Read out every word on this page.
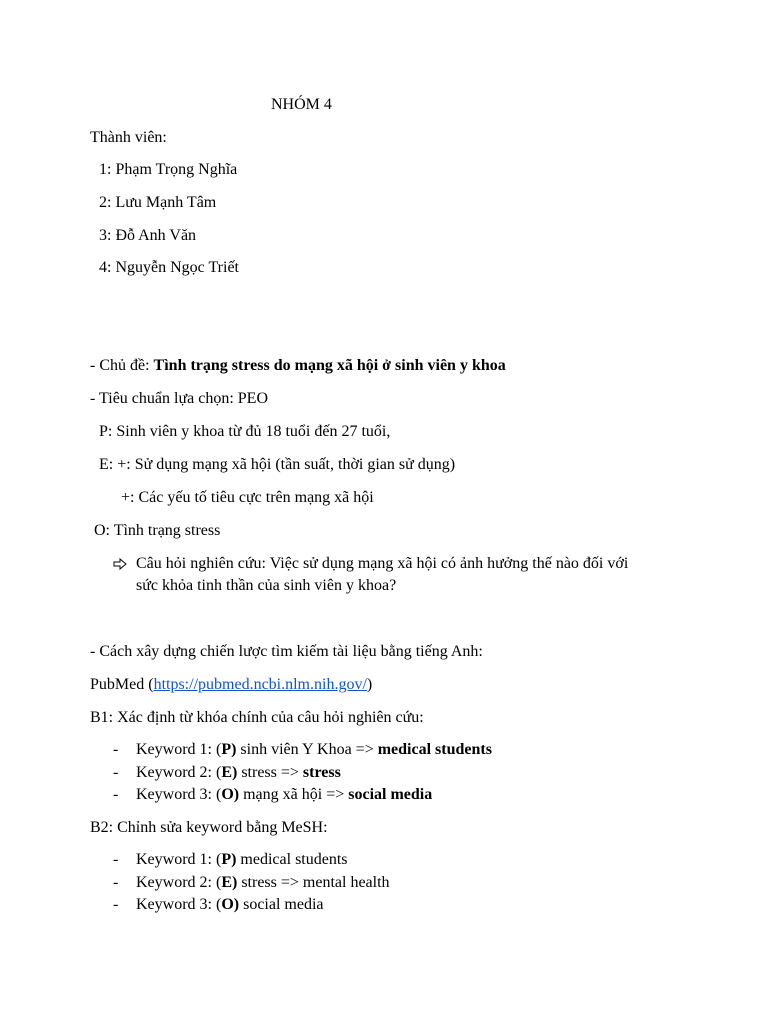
NHÓM 4
Thành viên:
1: Phạm Trọng Nghĩa
2: Lưu Mạnh Tâm
3: Đỗ Anh Văn
4: Nguyễn Ngọc Triết
- Chủ đề: Tình trạng stress do mạng xã hội ở sinh viên y khoa
- Tiêu chuẩn lựa chọn: PEO
P: Sinh viên y khoa từ đủ 18 tuổi đến 27 tuổi,
E: +: Sử dụng mạng xã hội (tần suất, thời gian sử dụng)
+: Các yếu tố tiêu cực trên mạng xã hội
O: Tình trạng stress
Câu hỏi nghiên cứu: Việc sử dụng mạng xã hội có ảnh hưởng thế nào đối với
sức khỏa tinh thần của sinh viên y khoa?
- Cách xây dựng chiến lược tìm kiếm tài liệu bằng tiếng Anh:
PubMed (https://pubmed.ncbi.nlm.nih.gov/)
B1: Xác định từ khóa chính của câu hỏi nghiên cứu:
- Keyword 1: (P) sinh viên Y Khoa => medical students
- Keyword 2: (E) stress => stress
- Keyword 3: (O) mạng xã hội => social media
B2: Chỉnh sửa keyword bằng MeSH:
- Keyword 1: (P) medical students
- Keyword 2: (E) stress => mental health
- Keyword 3: (O) social media
